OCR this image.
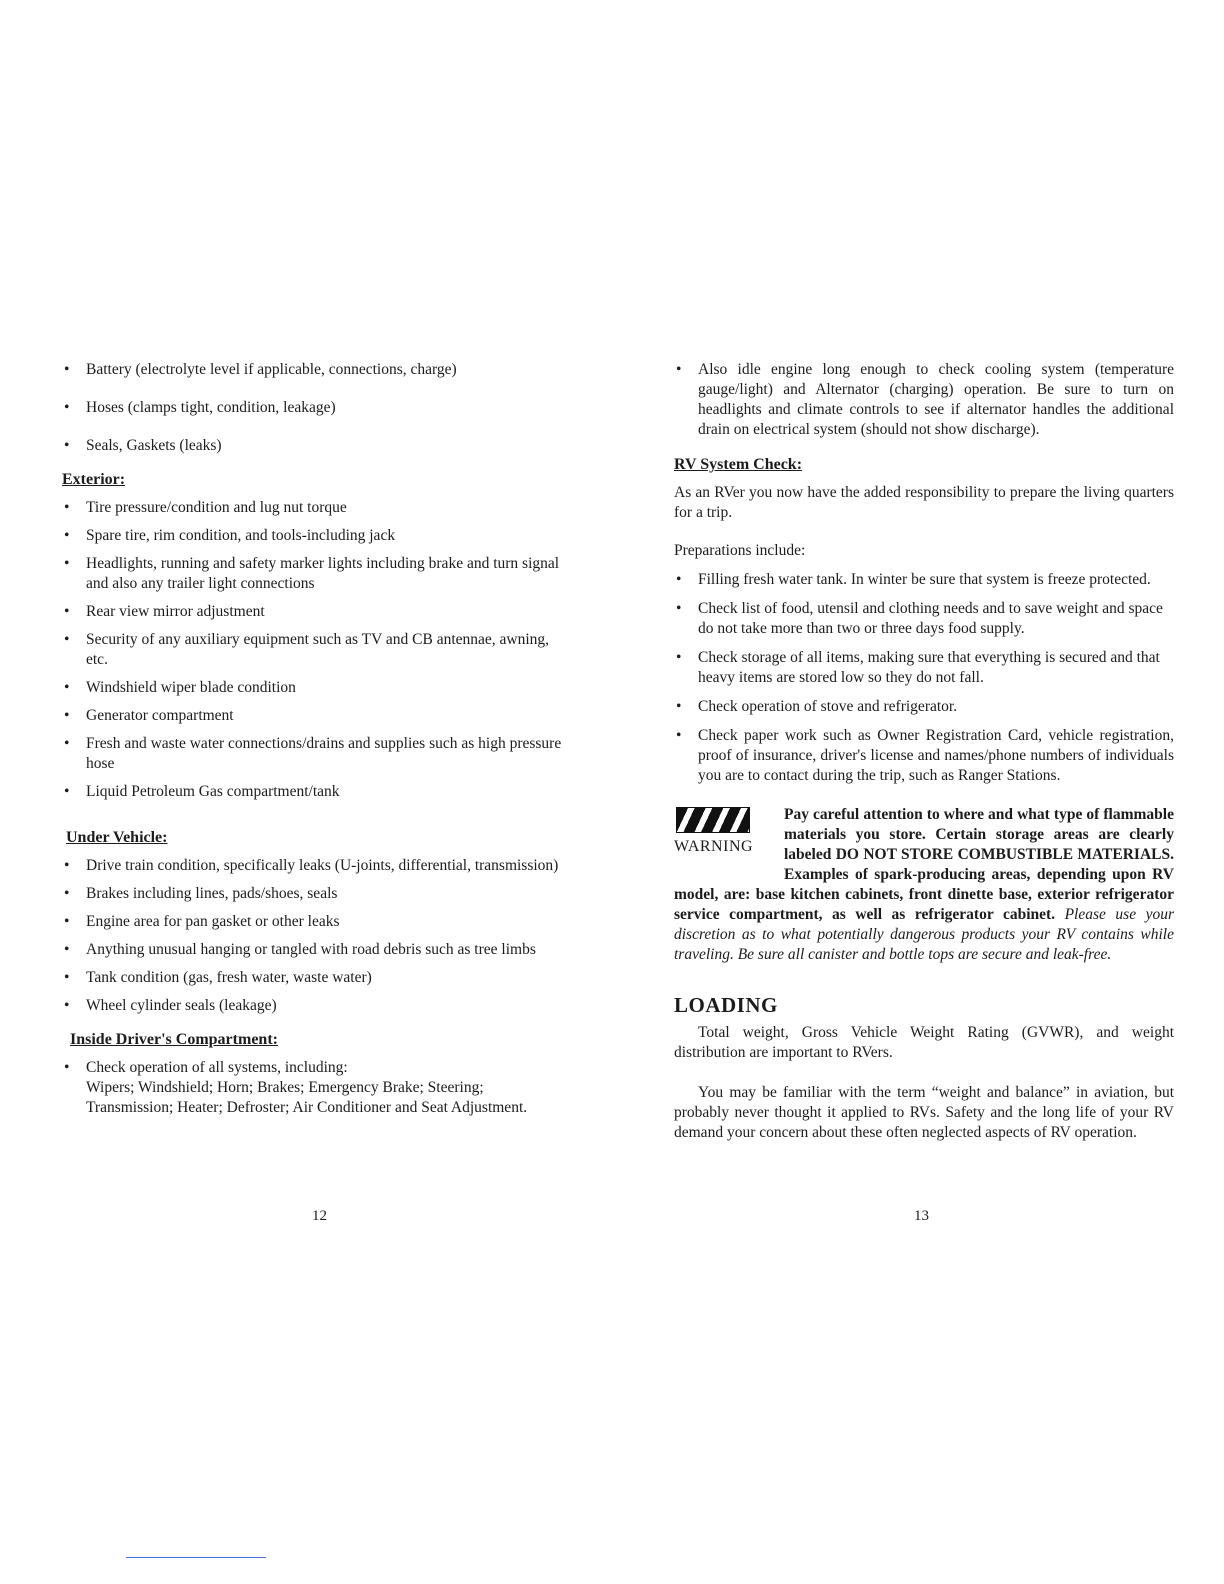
• Battery (electrolyte level if applicable, connections, charge)
• Hoses (clamps tight, condition, leakage)
• Seals, Gaskets (leaks)
Exterior:
• Tire pressure/condition and lug nut torque
• Spare tire, rim condition, and tools-including jack
• Headlights, running and safety marker lights including brake and turn signal and also any trailer light connections
• Rear view mirror adjustment
• Security of any auxiliary equipment such as TV and CB antennae, awning, etc.
• Windshield wiper blade condition
• Generator compartment
• Fresh and waste water connections/drains and supplies such as high pressure hose
• Liquid Petroleum Gas compartment/tank
Under Vehicle:
• Drive train condition, specifically leaks (U-joints, differential, transmission)
• Brakes including lines, pads/shoes, seals
• Engine area for pan gasket or other leaks
• Anything unusual hanging or tangled with road debris such as tree limbs
• Tank condition (gas, fresh water, waste water)
• Wheel cylinder seals (leakage)
Inside Driver's Compartment:
• Check operation of all systems, including:
Wipers; Windshield; Horn; Brakes; Emergency Brake; Steering; Transmission; Heater; Defroster; Air Conditioner and Seat Adjustment.
12
• Also idle engine long enough to check cooling system (temperature gauge/light) and Alternator (charging) operation. Be sure to turn on headlights and climate controls to see if alternator handles the additional drain on electrical system (should not show discharge).
RV System Check:

As an RVer you now have the added responsibility to prepare the living quarters for a trip.

Preparations include:

• Filling fresh water tank. In winter be sure that system is freeze protected.
• Check list of food, utensil and clothing needs and to save weight and space do not take more than two or three days food supply.
• Check storage of all items, making sure that everything is secured and that heavy items are stored low so they do not fall.
• Check operation of stove and refrigerator.
• Check paper work such as Owner Registration Card, vehicle registration, proof of insurance, driver's license and names/phone numbers of individuals you are to contact during the trip, such as Ranger Stations.
WARNING

Pay careful attention to where and what type of flammable materials you store. Certain storage areas are clearly labeled DO NOT STORE COMBUSTIBLE MATERIALS. Examples of spark-producing areas, depending upon RV model, are: base kitchen cabinets, front dinette base, exterior refrigerator service compartment, as well as refrigerator cabinet. Please use your discretion as to what potentially dangerous products your RV contains while traveling. Be sure all canister and bottle tops are secure and leak-free.

LOADING

Total weight, Gross Vehicle Weight Rating (GVWR), and weight distribution are important to RVers.

You may be familiar with the term “weight and balance” in aviation, but probably never thought it applied to RVs. Safety and the long life of your RV demand your concern about these often neglected aspects of RV operation.

13
